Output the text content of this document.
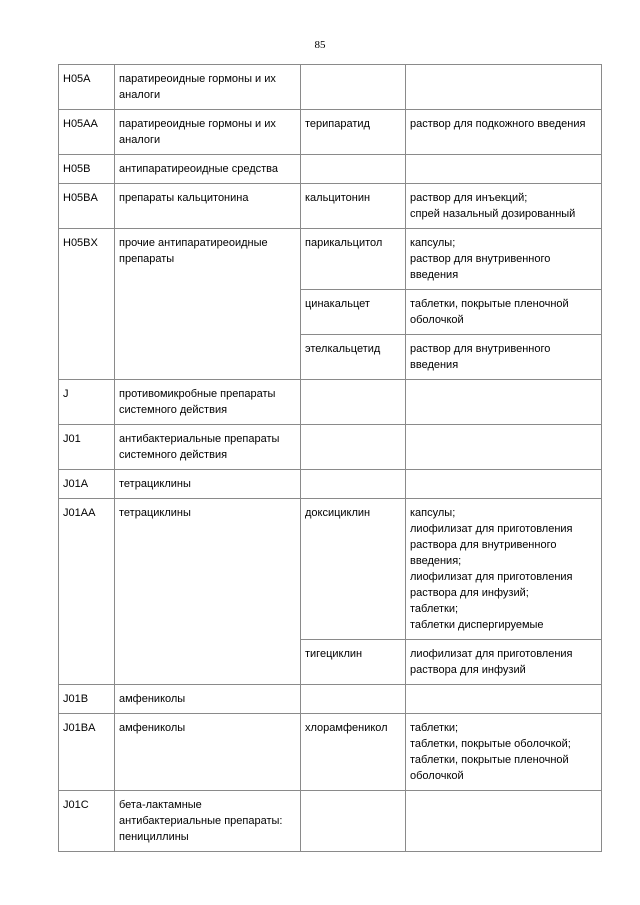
85
H05A	паратиреоидные гормоны и их аналоги		
H05AA	паратиреоидные гормоны и их аналоги	терипаратид	раствор для подкожного введения

H05B	антипаратиреоидные средства		
H05BA	препараты кальцитонина	кальцитонин	раствор для инъекций;
спрей назальный дозированный

H05BX	прочие антипаратиреоидные препараты	парикальцитол	капсулы;
раствор для внутривенного введения

		цинакальцет	таблетки, покрытые пленочной оболочкой

		этелкальцетид	раствор для внутривенного введения

J	противомикробные препараты системного действия		
J01	антибактериальные препараты системного действия		
J01A	тетрациклины		
J01AA	тетрациклины	доксициклин	капсулы;
лиофилизат для приготовления раствора для внутривенного введения;
лиофилизат для приготовления раствора для инфузий;
таблетки;
таблетки диспергируемые

		тигециклин	лиофилизат для приготовления раствора для инфузий

J01B	амфениколы		
J01BA	амфениколы	хлорамфеникол	таблетки;
таблетки, покрытые оболочкой;
таблетки, покрытые пленочной оболочкой

J01C	бета-лактамные антибактериальные препараты: пенициллины		
